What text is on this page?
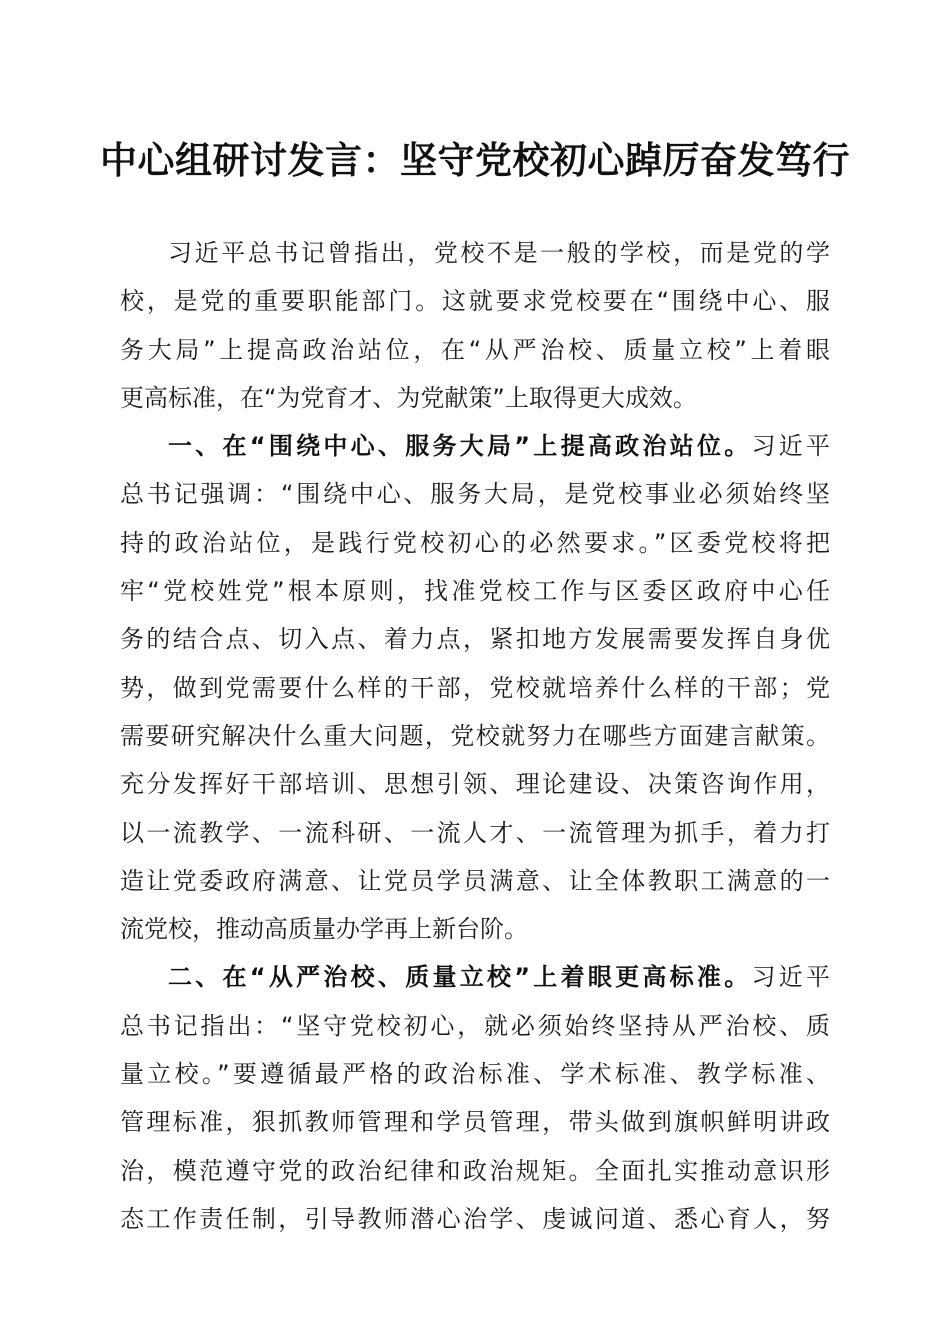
中心组研讨发言：坚守党校初心踔厉奋发笃行
习近平总书记曾指出，党校不是一般的学校，而是党的学
校，是党的重要职能部门。这就要求党校要在“围绕中心、服
务大局”上提高政治站位，在“从严治校、质量立校”上着眼
更高标准，在“为党育才、为党献策”上取得更大成效。
一、在“围绕中心、服务大局”上提高政治站位。习近平
总书记强调：“围绕中心、服务大局，是党校事业必须始终坚
持的政治站位，是践行党校初心的必然要求。”区委党校将把
牢“党校姓党”根本原则，找准党校工作与区委区政府中心任
务的结合点、切入点、着力点，紧扣地方发展需要发挥自身优
势，做到党需要什么样的干部，党校就培养什么样的干部；党
需要研究解决什么重大问题，党校就努力在哪些方面建言献策。
充分发挥好干部培训、思想引领、理论建设、决策咨询作用，
以一流教学、一流科研、一流人才、一流管理为抓手，着力打
造让党委政府满意、让党员学员满意、让全体教职工满意的一
流党校，推动高质量办学再上新台阶。
二、在“从严治校、质量立校”上着眼更高标准。习近平
总书记指出：“坚守党校初心，就必须始终坚持从严治校、质
量立校。”要遵循最严格的政治标准、学术标准、教学标准、
管理标准，狠抓教师管理和学员管理，带头做到旗帜鲜明讲政
治，模范遵守党的政治纪律和政治规矩。全面扎实推动意识形
态工作责任制，引导教师潜心治学、虔诚问道、悉心育人，努
